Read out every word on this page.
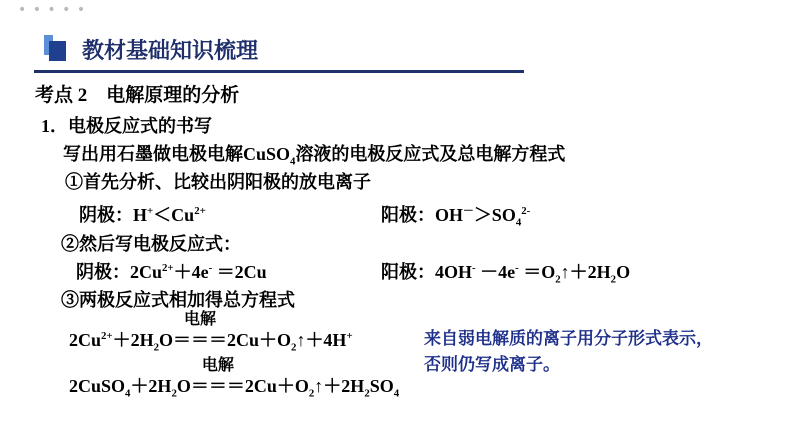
• • • • •
教材基础知识梳理
考点 2　电解原理的分析
1．电极反应式的书写
写出用石墨做电极电解CuSO$_4$溶液的电极反应式及总电解方程式
①首先分析、比较出阴阳极的放电离子
阴极：$H^+<Cu^{2+}$	阳极：$OH^->SO_4^{2-}$
②然后写电极反应式：
阴极：$2Cu^{2+}+4e^- =2Cu$	阳极：$4OH^- -4e^- =O_2↑+2H_2O$
③两极反应式相加得总方程式
$2Cu^{2+}+2H_2O$
电解
$===2Cu+O_2↑+4H^+$
$2CuSO_4+2H_2O$
电解
$===2Cu+O_2↑+2H_2SO_4$
来自弱电解质的离子用分子形式表示，
否则仍写成离子。
